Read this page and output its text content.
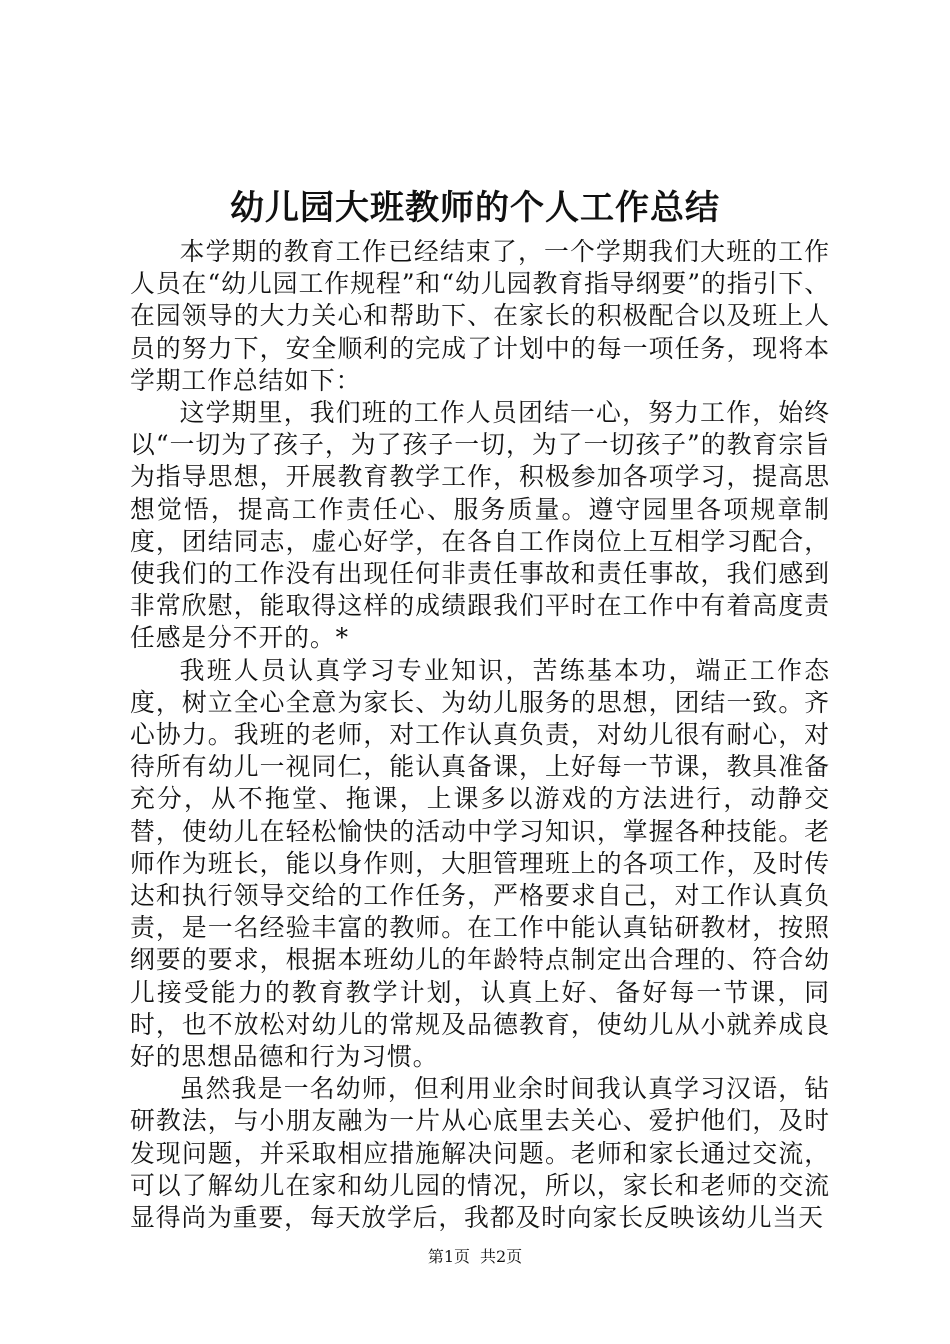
幼儿园大班教师的个人工作总结

本学期的教育工作已经结束了，一个学期我们大班的工作人员在“幼儿园工作规程”和“幼儿园教育指导纲要”的指引下、在园领导的大力关心和帮助下、在家长的积极配合以及班上人员的努力下，安全顺利的完成了计划中的每一项任务，现将本学期工作总结如下：

这学期里，我们班的工作人员团结一心，努力工作，始终以“一切为了孩子，为了孩子一切，为了一切孩子”的教育宗旨为指导思想，开展教育教学工作，积极参加各项学习，提高思想觉悟，提高工作责任心、服务质量。遵守园里各项规章制度，团结同志，虚心好学，在各自工作岗位上互相学习配合，使我们的工作没有出现任何非责任事故和责任事故，我们感到非常欣慰，能取得这样的成绩跟我们平时在工作中有着高度责任感是分不开的。*

我班人员认真学习专业知识，苦练基本功，端正工作态度，树立全心全意为家长、为幼儿服务的思想，团结一致。齐心协力。我班的老师，对工作认真负责，对幼儿很有耐心，对待所有幼儿一视同仁，能认真备课，上好每一节课，教具准备充分，从不拖堂、拖课，上课多以游戏的方法进行，动静交替，使幼儿在轻松愉快的活动中学习知识，掌握各种技能。老师作为班长，能以身作则，大胆管理班上的各项工作，及时传达和执行领导交给的工作任务，严格要求自己，对工作认真负责，是一名经验丰富的教师。在工作中能认真钻研教材，按照纲要的要求，根据本班幼儿的年龄特点制定出合理的、符合幼儿接受能力的教育教学计划，认真上好、备好每一节课，同时，也不放松对幼儿的常规及品德教育，使幼儿从小就养成良好的思想品德和行为习惯。

虽然我是一名幼师，但利用业余时间我认真学习汉语，钻研教法，与小朋友融为一片从心底里去关心、爱护他们，及时发现问题，并采取相应措施解决问题。老师和家长通过交流，可以了解幼儿在家和幼儿园的情况，所以，家长和老师的交流显得尚为重要，每天放学后，我都及时向家长反映该幼儿当天

第1页 共2页
